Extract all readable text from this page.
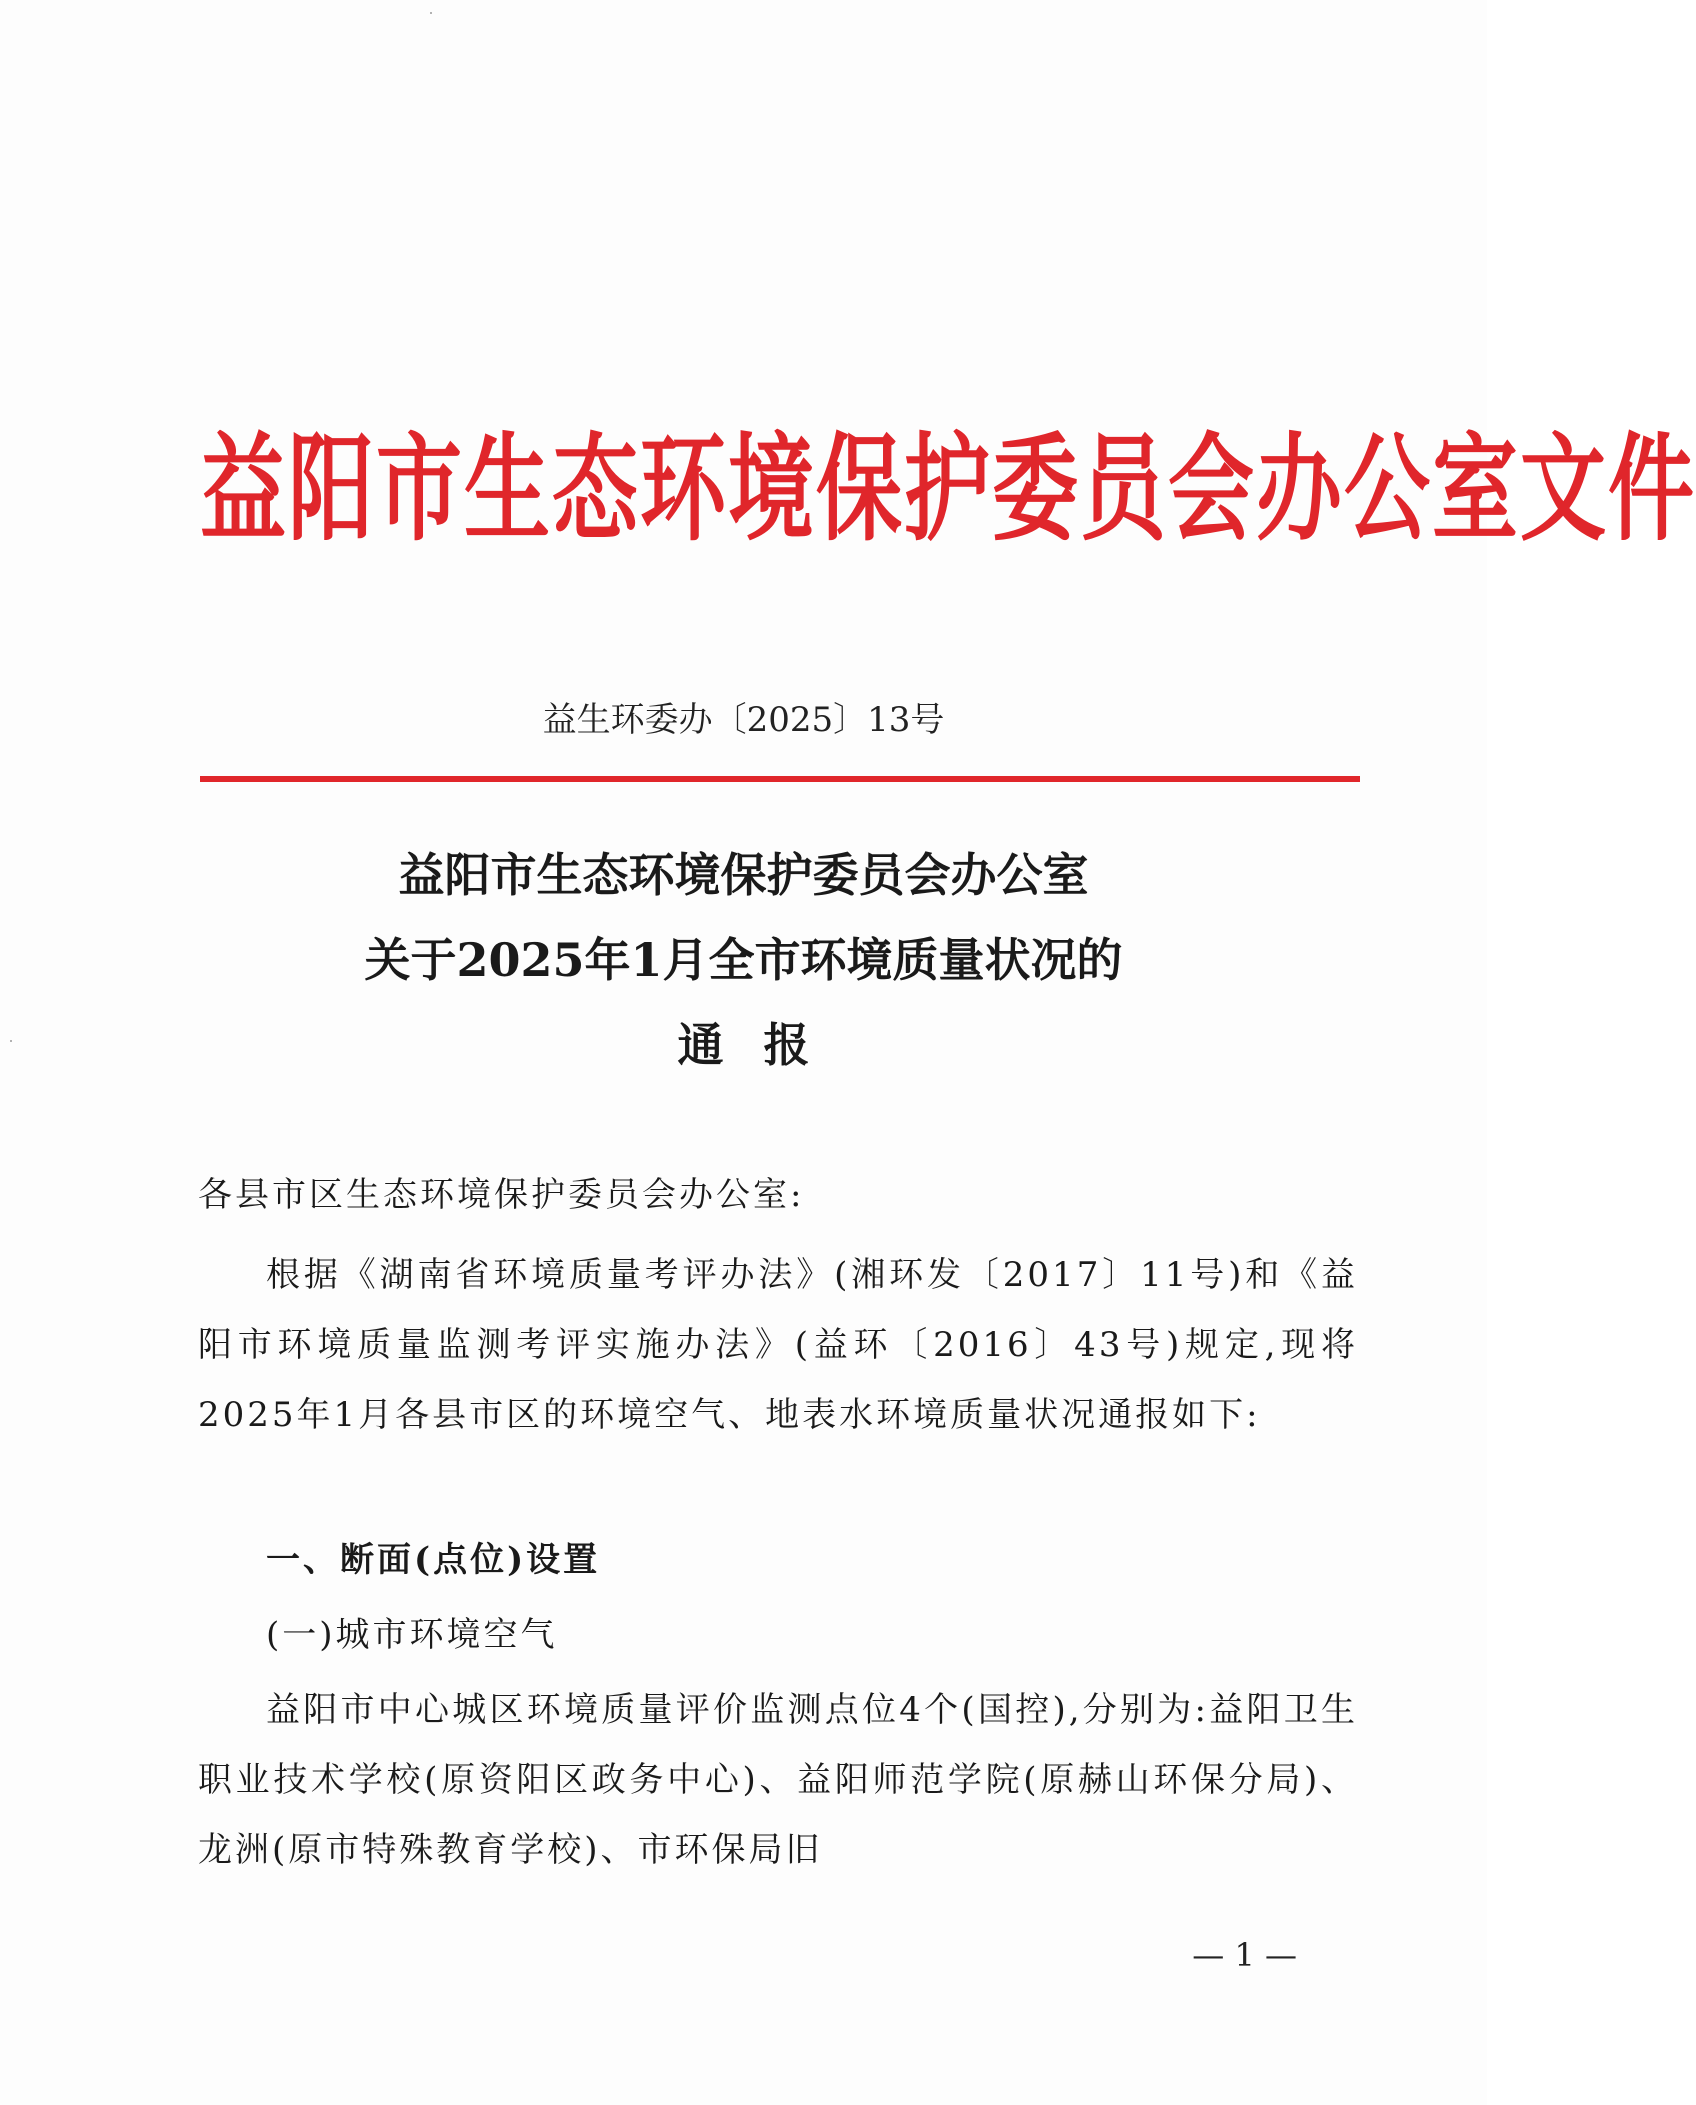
益阳市生态环境保护委员会办公室文件
益生环委办〔2025〕13号
益阳市生态环境保护委员会办公室
关于2025年1月全市环境质量状况的
通报
各县市区生态环境保护委员会办公室:
根据《湖南省环境质量考评办法》(湘环发〔2017〕11号)和《益阳市环境质量监测考评实施办法》(益环〔2016〕43号)规定,现将2025年1月各县市区的环境空气、地表水环境质量状况通报如下:
一、断面(点位)设置
(一)城市环境空气
益阳市中心城区环境质量评价监测点位4个(国控),分别为:益阳卫生职业技术学校(原资阳区政务中心)、益阳师范学院(原赫山环保分局)、龙洲(原市特殊教育学校)、市环保局旧
— 1 —
